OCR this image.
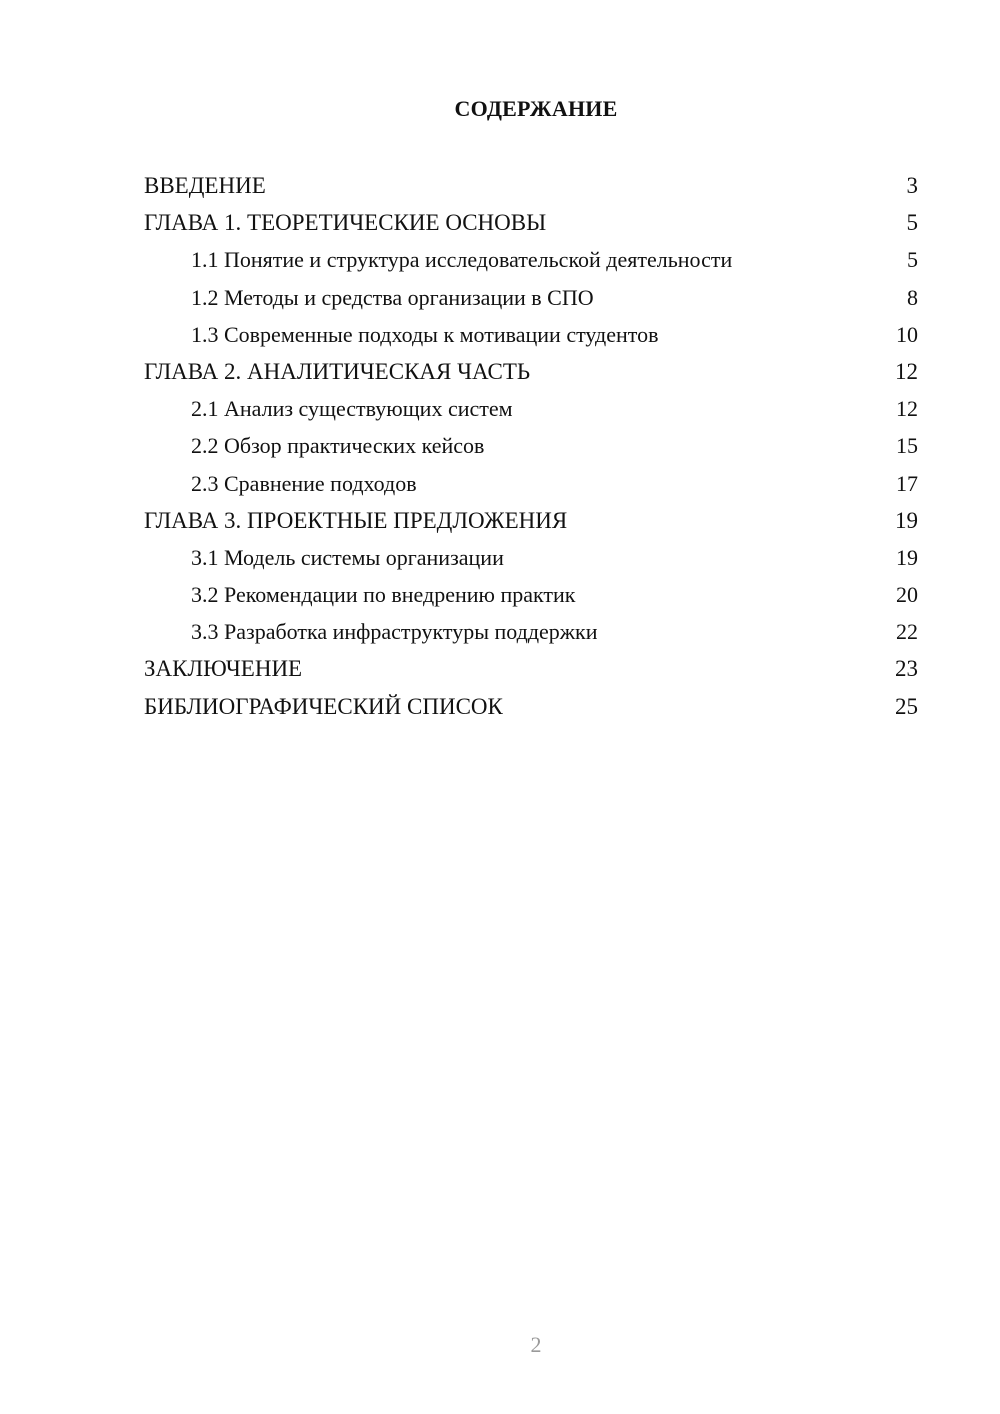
СОДЕРЖАНИЕ
ВВЕДЕНИЕ	3
ГЛАВА 1. ТЕОРЕТИЧЕСКИЕ ОСНОВЫ	5
1.1 Понятие и структура исследовательской деятельности	5
1.2 Методы и средства организации в СПО	8
1.3 Современные подходы к мотивации студентов	10
ГЛАВА 2. АНАЛИТИЧЕСКАЯ ЧАСТЬ	12
2.1 Анализ существующих систем	12
2.2 Обзор практических кейсов	15
2.3 Сравнение подходов	17
ГЛАВА 3. ПРОЕКТНЫЕ ПРЕДЛОЖЕНИЯ	19
3.1 Модель системы организации	19
3.2 Рекомендации по внедрению практик	20
3.3 Разработка инфраструктуры поддержки	22
ЗАКЛЮЧЕНИЕ	23
БИБЛИОГРАФИЧЕСКИЙ СПИСОК	25
2
